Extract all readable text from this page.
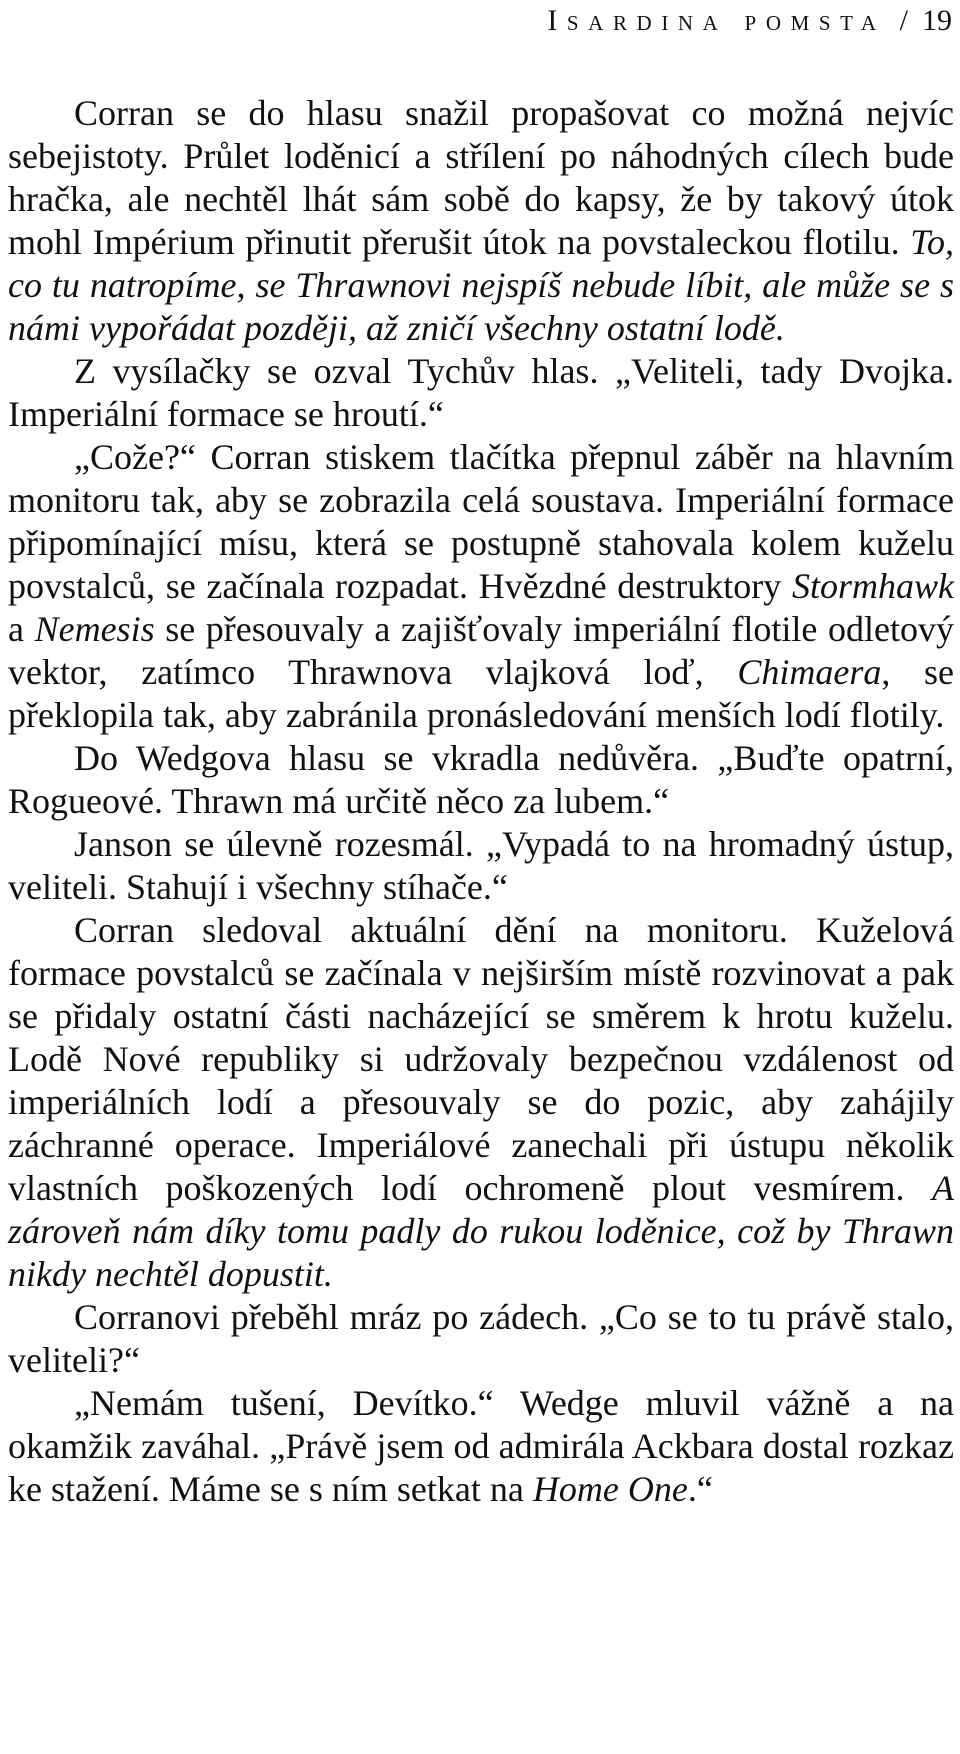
Isardina pomsta / 19

Corran se do hlasu snažil propašovat co možná nejvíc sebejistoty. Průlet loděnicí a střílení po náhodných cílech bude hračka, ale nechtěl lhát sám sobě do kapsy, že by takový útok mohl Impérium přinutit přerušit útok na povstaleckou flotilu. To, co tu natropíme, se Thrawnovi nejspíš nebude líbit, ale může se s námi vypořádat později, až zničí všechny ostatní lodě.

Z vysílačky se ozval Tychův hlas. „Veliteli, tady Dvojka. Imperiální formace se hroutí.“

„Cože?“ Corran stiskem tlačítka přepnul záběr na hlavním monitoru tak, aby se zobrazila celá soustava. Imperiální formace připomínající mísu, která se postupně stahovala kolem kuželu povstalců, se začínala rozpadat. Hvězdné destruktory Stormhawk a Nemesis se přesouvaly a zajišťovaly imperiální flotile odletový vektor, zatímco Thrawnova vlajková loď, Chimaera, se překlopila tak, aby zabránila pronásledování menších lodí flotily.

Do Wedgova hlasu se vkradla nedůvěra. „Buďte opatrní, Rogueové. Thrawn má určitě něco za lubem.“

Janson se úlevně rozesmál. „Vypadá to na hromadný ústup, veliteli. Stahují i všechny stíhače.“

Corran sledoval aktuální dění na monitoru. Kuželová formace povstalců se začínala v nejširším místě rozvinovat a pak se přidaly ostatní části nacházející se směrem k hrotu kuželu. Lodě Nové republiky si udržovaly bezpečnou vzdálenost od imperiálních lodí a přesouvaly se do pozic, aby zahájily záchranné operace. Imperiálové zanechali při ústupu několik vlastních poškozených lodí ochromeně plout vesmírem. A zároveň nám díky tomu padly do rukou loděnice, což by Thrawn nikdy nechtěl dopustit.

Corranovi přeběhl mráz po zádech. „Co se to tu právě stalo, veliteli?“

„Nemám tušení, Devítko.“ Wedge mluvil vážně a na okamžik zaváhal. „Právě jsem od admirála Ackbara dostal rozkaz ke stažení. Máme se s ním setkat na Home One.“
